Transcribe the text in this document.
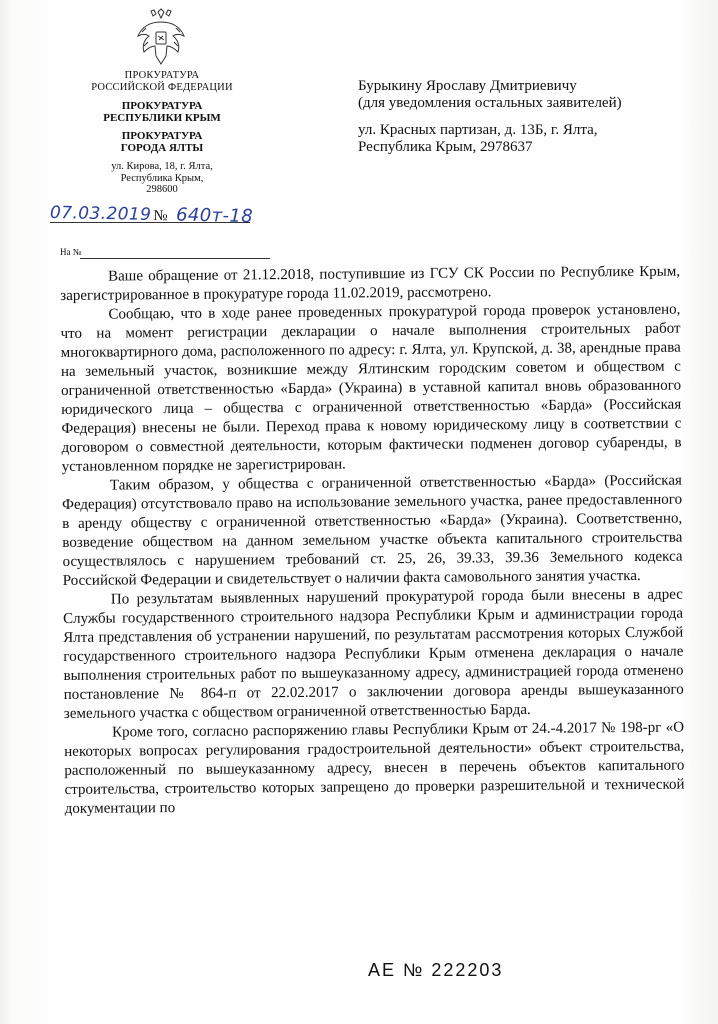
ПРОКУРАТУРА
РОССИЙСКОЙ ФЕДЕРАЦИИ
ПРОКУРАТУРА
РЕСПУБЛИКИ КРЫМ
ПРОКУРАТУРА
ГОРОДА ЯЛТЫ
ул. Кирова, 18, г. Ялта,
Республика Крым,
298600
07.03.2019 № 640т-18
На №
Бурыкину Ярославу Дмитриевичу
(для уведомления остальных заявителей)
ул. Красных партизан, д. 13Б, г. Ялта,
Республика Крым, 2978637

Ваше обращение от 21.12.2018, поступившие из ГСУ СК России по Республике Крым, зарегистрированное в прокуратуре города 11.02.2019, рассмотрено.

Сообщаю, что в ходе ранее проведенных прокуратурой города проверок установлено, что на момент регистрации декларации о начале выполнения строительных работ многоквартирного дома, расположенного по адресу: г. Ялта, ул. Крупской, д. 38, арендные права на земельный участок, возникшие между Ялтинским городским советом и обществом с ограниченной ответственностью «Барда» (Украина) в уставной капитал вновь образованного юридического лица – общества с ограниченной ответственностью «Барда» (Российская Федерация) внесены не были. Переход права к новому юридическому лицу в соответствии с договором о совместной деятельности, которым фактически подменен договор субаренды, в установленном порядке не зарегистрирован.

Таким образом, у общества с ограниченной ответственностью «Барда» (Российская Федерация) отсутствовало право на использование земельного участка, ранее предоставленного в аренду обществу с ограниченной ответственностью «Барда» (Украина). Соответственно, возведение обществом на данном земельном участке объекта капитального строительства осуществлялось с нарушением требований ст. 25, 26, 39.33, 39.36 Земельного кодекса Российской Федерации и свидетельствует о наличии факта самовольного занятия участка.

По результатам выявленных нарушений прокуратурой города были внесены в адрес Службы государственного строительного надзора Республики Крым и администрации города Ялта представления об устранении нарушений, по результатам рассмотрения которых Службой государственного строительного надзора Республики Крым отменена декларация о начале выполнения строительных работ по вышеуказанному адресу, администрацией города отменено постановление № 864-п от 22.02.2017 о заключении договора аренды вышеуказанного земельного участка с обществом ограниченной ответственностью Барда.

Кроме того, согласно распоряжению главы Республики Крым от 24.-4.2017 № 198-рг «О некоторых вопросах регулирования градостроительной деятельности» объект строительства, расположенный по вышеуказанному адресу, внесен в перечень объектов капитального строительства, строительство которых запрещено до проверки разрешительной и технической документации по

АЕ № 222203
